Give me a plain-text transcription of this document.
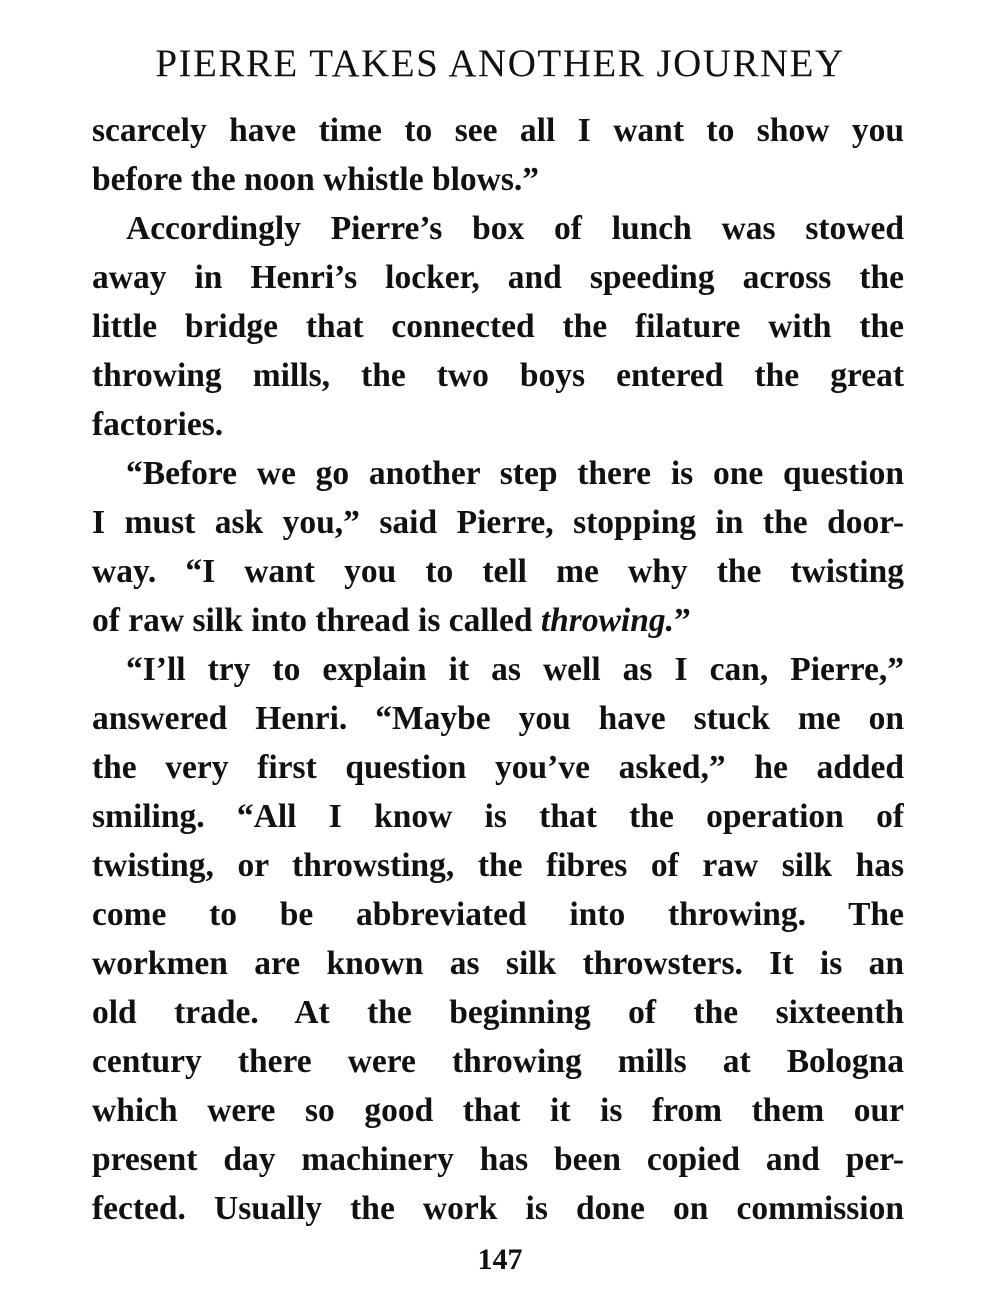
PIERRE TAKES ANOTHER JOURNEY
scarcely have time to see all I want to show you
before the noon whistle blows.”
Accordingly Pierre’s box of lunch was stowed
away in Henri’s locker, and speeding across the
little bridge that connected the filature with the
throwing mills, the two boys entered the great
factories.
“Before we go another step there is one question
I must ask you,” said Pierre, stopping in the door-
way. “I want you to tell me why the twisting
of raw silk into thread is called throwing.”
“I’ll try to explain it as well as I can, Pierre,”
answered Henri. “Maybe you have stuck me on
the very first question you’ve asked,” he added
smiling. “All I know is that the operation of
twisting, or throwsting, the fibres of raw silk has
come to be abbreviated into throwing. The
workmen are known as silk throwsters. It is an
old trade. At the beginning of the sixteenth
century there were throwing mills at Bologna
which were so good that it is from them our
present day machinery has been copied and per-
fected. Usually the work is done on commission
147
